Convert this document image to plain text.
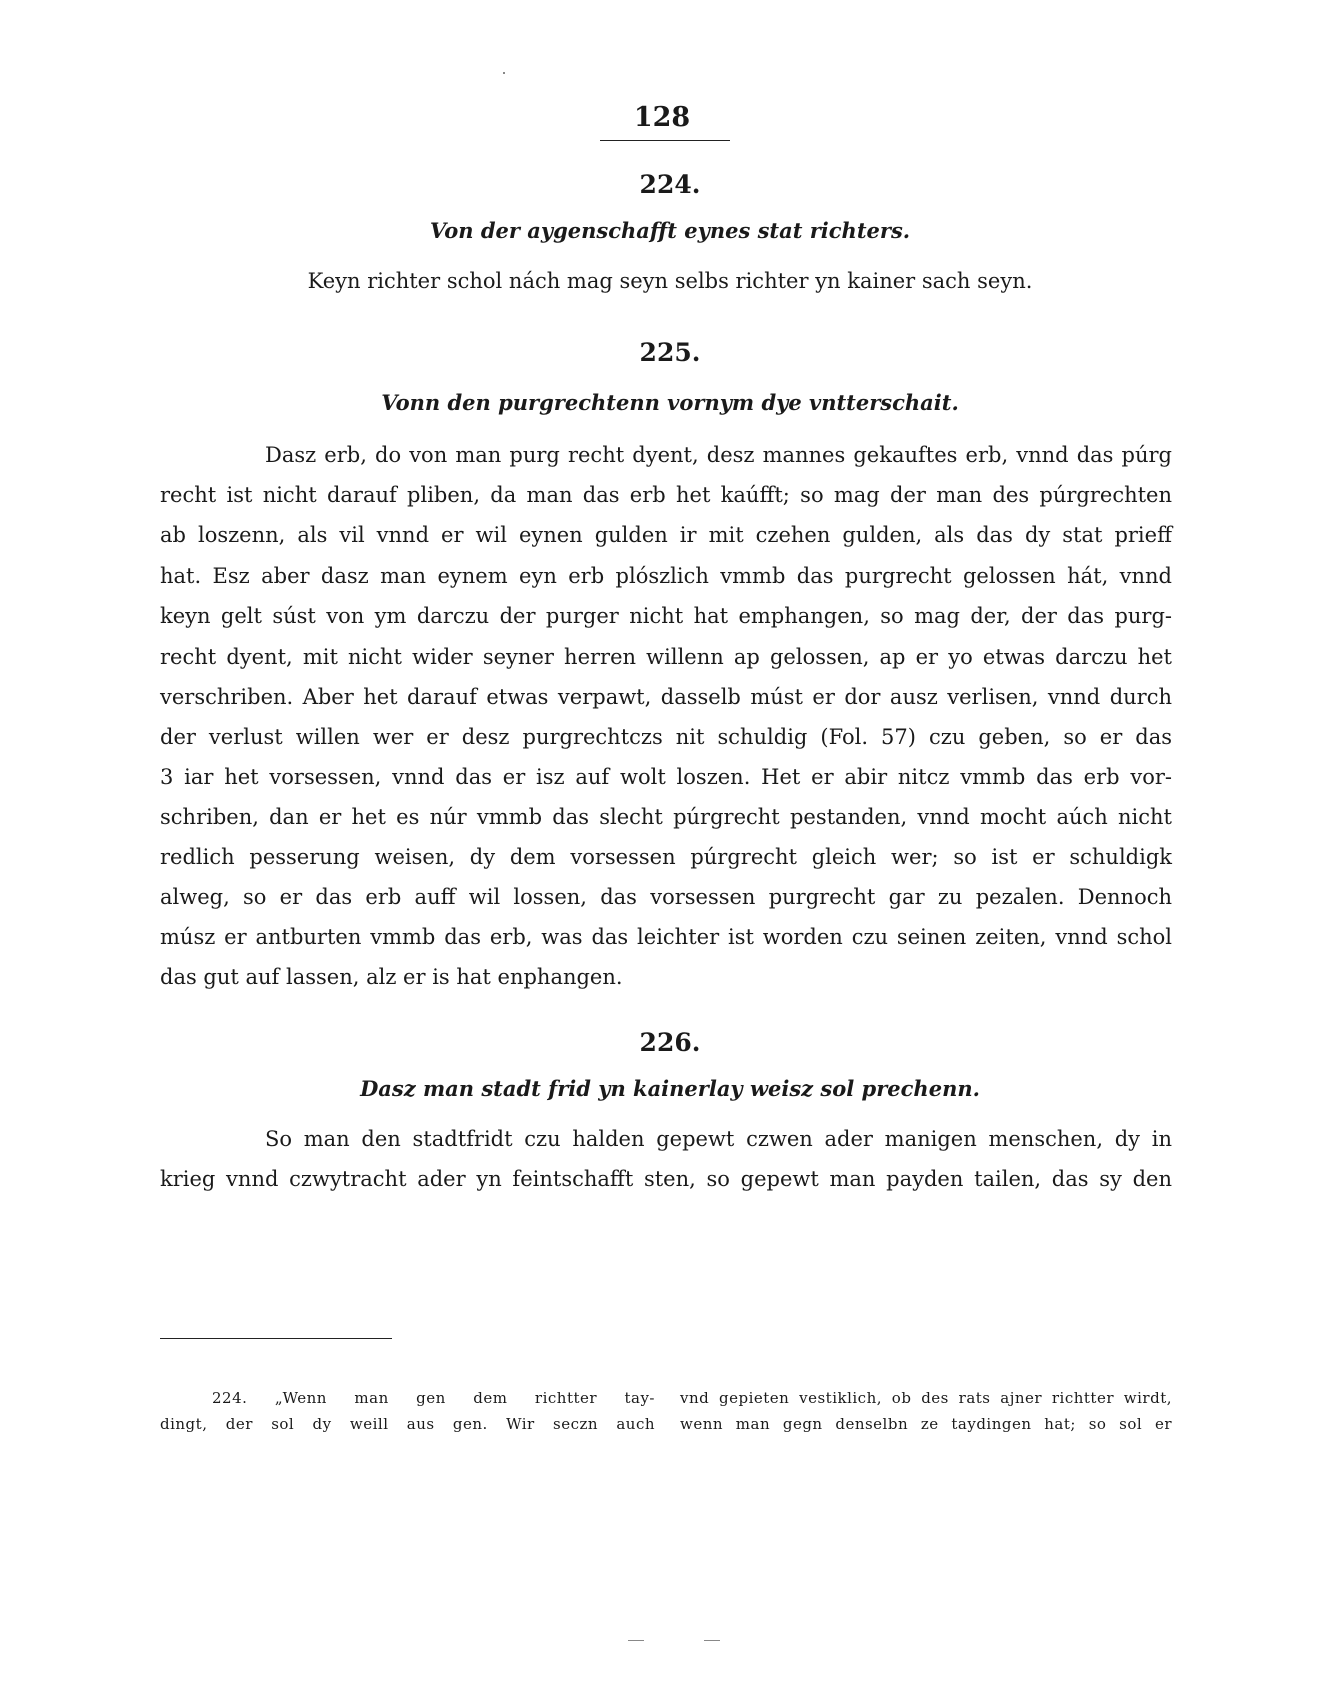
128
224.
Von der aygenschafft eynes stat richters.
Keyn richter schol nách mag seyn selbs richter yn kainer sach seyn.
225.
Vonn den purgrechtenn vornym dye vntterschait.
Dasz erb, do von man purg recht dyent, desz mannes gekauftes erb, vnnd das púrg
recht ist nicht darauf pliben, da man das erb het kaúfft; so mag der man des púrgrechten
ab loszenn, als vil vnnd er wil eynen gulden ir mit czehen gulden, als das dy stat prieff
hat. Esz aber dasz man eynem eyn erb plószlich vmmb das purgrecht gelossen hát, vnnd
keyn gelt súst von ym darczu der purger nicht hat emphangen, so mag der, der das purg-
recht dyent, mit nicht wider seyner herren willenn ap gelossen, ap er yo etwas darczu het
verschriben. Aber het darauf etwas verpawt, dasselb múst er dor ausz verlisen, vnnd durch
der verlust willen wer er desz purgrechtczs nit schuldig (Fol. 57) czu geben, so er das
3 iar het vorsessen, vnnd das er isz auf wolt loszen. Het er abir nitcz vmmb das erb vor-
schriben, dan er het es núr vmmb das slecht púrgrecht pestanden, vnnd mocht aúch nicht
redlich pesserung weisen, dy dem vorsessen púrgrecht gleich wer; so ist er schuldigk
alweg, so er das erb auff wil lossen, das vorsessen purgrecht gar zu pezalen. Dennoch
músz er antburten vmmb das erb, was das leichter ist worden czu seinen zeiten, vnnd schol
das gut auf lassen, alz er is hat enphangen.
226.
Dasz man stadt frid yn kainerlay weisz sol prechenn.
So man den stadtfridt czu halden gepewt czwen ader manigen menschen, dy in
krieg vnnd czwytracht ader yn feintschafft sten, so gepewt man payden tailen, das sy den
224. „Wenn man gen dem richtter tay-
dingt, der sol dy weill aus gen. Wir seczn auch
vnd gepieten vestiklich, ob des rats ajner richtter wirdt,
wenn man gegn denselbn ze taydingen hat; so sol er
